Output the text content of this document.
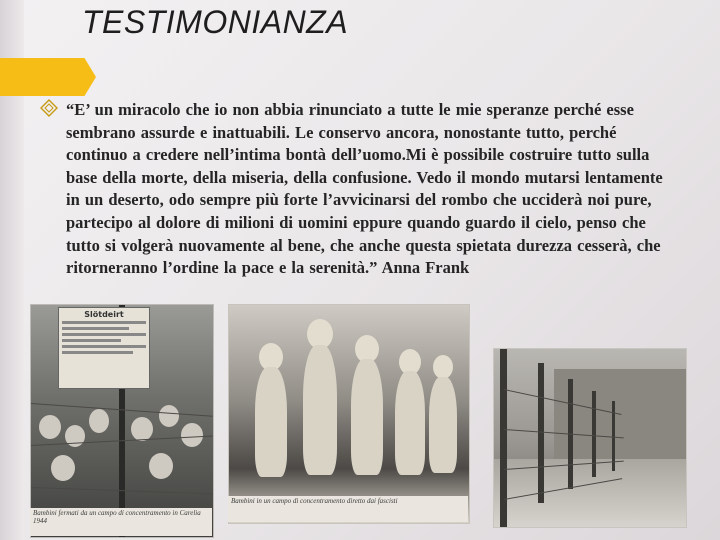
TESTIMONIANZA

“E’ un miracolo che io non abbia rinunciato a tutte le mie speranze perché esse sembrano assurde e inattuabili. Le conservo ancora, nonostante tutto, perché continuo a credere nell’intima bontà dell’uomo.Mi è possibile costruire tutto sulla base della morte, della miseria, della confusione. Vedo il mondo mutarsi lentamente in un deserto, odo sempre più forte l’avvicinarsi del rombo che ucciderà noi pure, partecipo al dolore di milioni di uomini eppure quando guardo il cielo, penso che tutto si volgerà nuovamente al bene, che anche questa spietata durezza cesserà, che ritorneranno l’ordine la pace e la serenità.” Anna Frank

Slötdeirt
Bambini fermati da un campo di concentramento in Carelia 1944
Bambini in un campo di concentramento diretto dai fascisti
